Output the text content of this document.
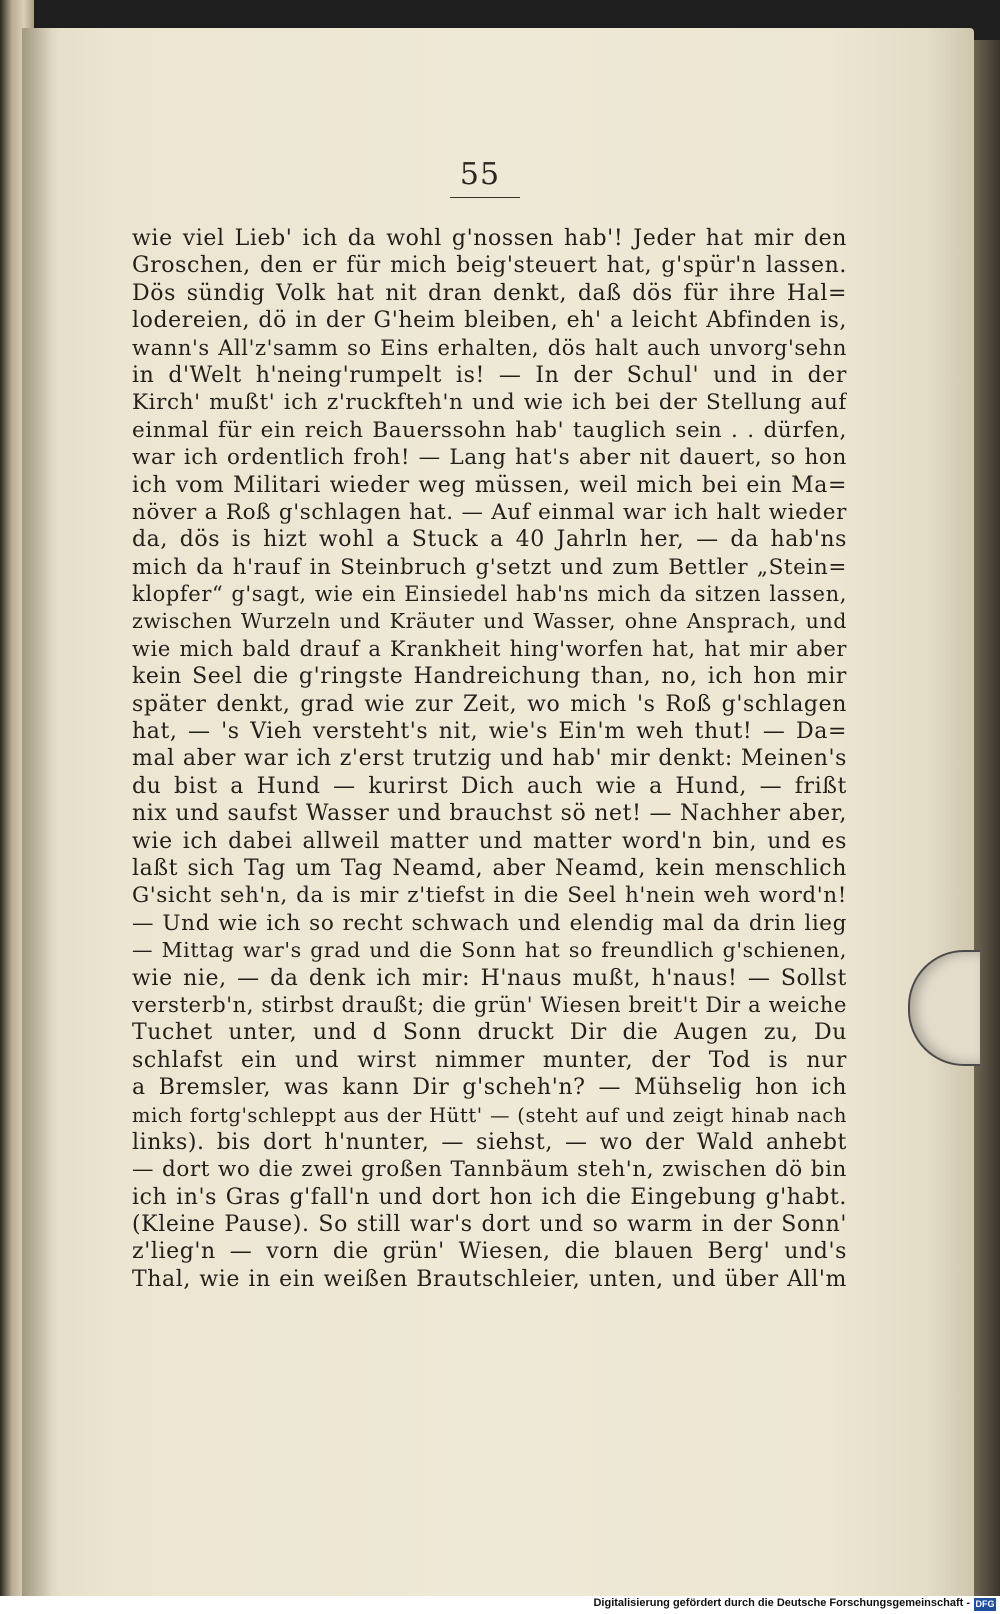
55
wie viel Lieb' ich da wohl g'nossen hab'! Jeder hat mir den
Groschen, den er für mich beig'steuert hat, g'spür'n lassen.
Dös sündig Volk hat nit dran denkt, daß dös für ihre Hal=
lodereien, dö in der G'heim bleiben, eh' a leicht Abfinden is,
wann's All'z'samm so Eins erhalten, dös halt auch unvorg'sehn
in d'Welt h'neing'rumpelt is! — In der Schul' und in der
Kirch' mußt' ich z'ruckfteh'n und wie ich bei der Stellung auf
einmal für ein reich Bauerssohn hab' tauglich sein . . dürfen,
war ich ordentlich froh! — Lang hat's aber nit dauert, so hon
ich vom Militari wieder weg müssen, weil mich bei ein Ma=
növer a Roß g'schlagen hat. — Auf einmal war ich halt wieder
da, dös is hizt wohl a Stuck a 40 Jahrln her, — da hab'ns
mich da h'rauf in Steinbruch g'setzt und zum Bettler „Stein=
klopfer“ g'sagt, wie ein Einsiedel hab'ns mich da sitzen lassen,
zwischen Wurzeln und Kräuter und Wasser, ohne Ansprach, und
wie mich bald drauf a Krankheit hing'worfen hat, hat mir aber
kein Seel die g'ringste Handreichung than, no, ich hon mir
später denkt, grad wie zur Zeit, wo mich 's Roß g'schlagen
hat, — 's Vieh versteht's nit, wie's Ein'm weh thut! — Da=
mal aber war ich z'erst trutzig und hab' mir denkt: Meinen's
du bist a Hund — kurirst Dich auch wie a Hund, — frißt
nix und saufst Wasser und brauchst sö net! — Nachher aber,
wie ich dabei allweil matter und matter word'n bin, und es
laßt sich Tag um Tag Neamd, aber Neamd, kein menschlich
G'sicht seh'n, da is mir z'tiefst in die Seel h'nein weh word'n!
— Und wie ich so recht schwach und elendig mal da drin lieg
— Mittag war's grad und die Sonn hat so freundlich g'schienen,
wie nie, — da denk ich mir: H'naus mußt, h'naus! — Sollst
versterb'n, stirbst draußt; die grün' Wiesen breit't Dir a weiche
Tuchet unter, und d Sonn druckt Dir die Augen zu, Du
schlafst ein und wirst nimmer munter, der Tod is nur
a Bremsler, was kann Dir g'scheh'n? — Mühselig hon ich
mich fortg'schleppt aus der Hütt' — (steht auf und zeigt hinab nach
links). bis dort h'nunter, — siehst, — wo der Wald anhebt
— dort wo die zwei großen Tannbäum steh'n, zwischen dö bin
ich in's Gras g'fall'n und dort hon ich die Eingebung g'habt.
(Kleine Pause). So still war's dort und so warm in der Sonn'
z'lieg'n — vorn die grün' Wiesen, die blauen Berg' und's
Thal, wie in ein weißen Brautschleier, unten, und über All'm
Digitalisierung gefördert durch die Deutsche Forschungsgemeinschaft - DFG
